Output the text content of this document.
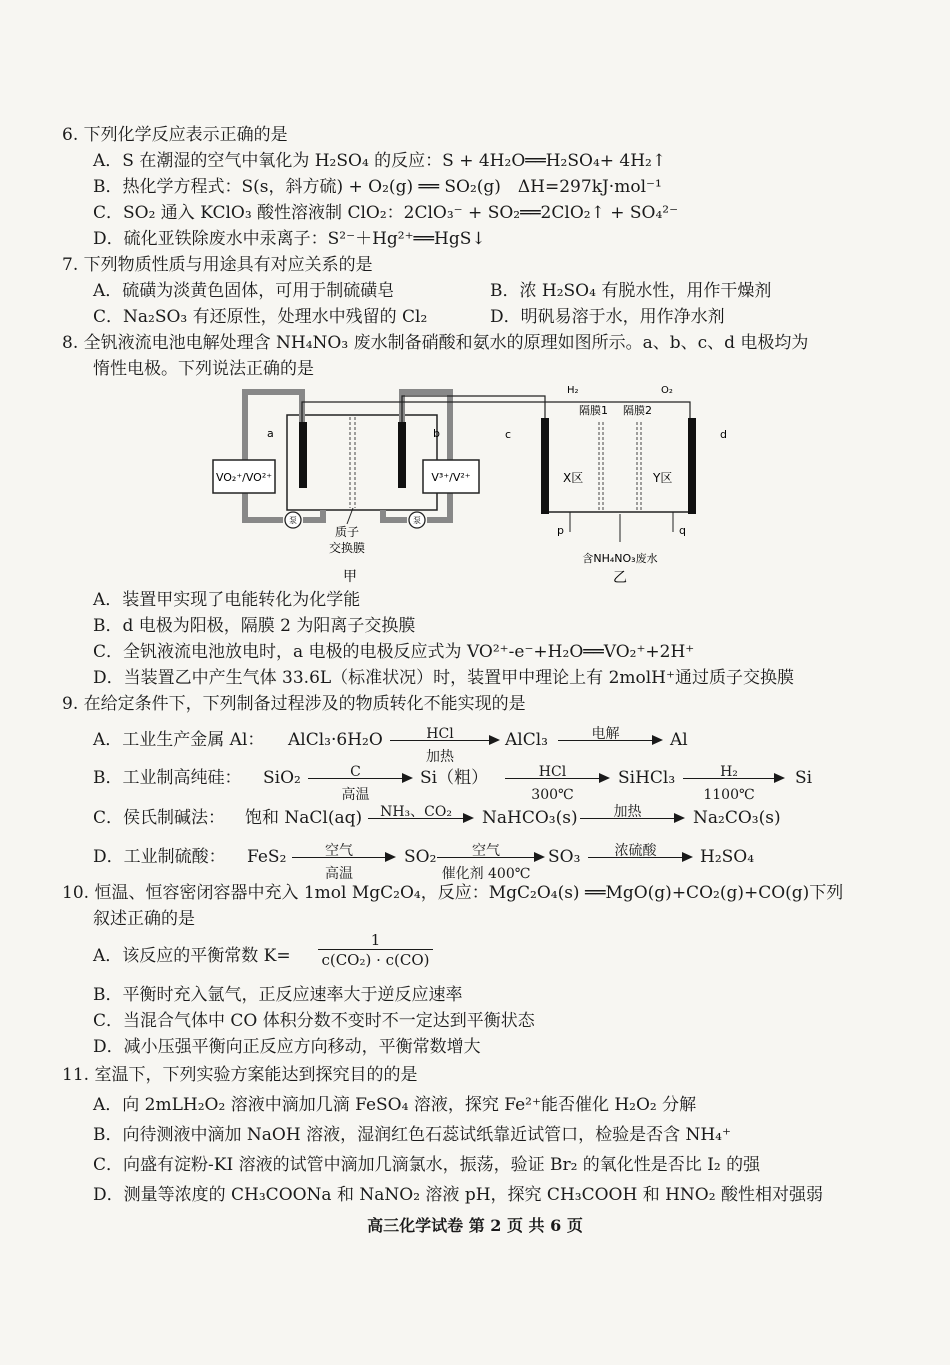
6. 下列化学反应表示正确的是
A．S 在潮湿的空气中氧化为 H₂SO₄ 的反应：S + 4H₂O══H₂SO₄+ 4H₂↑
B．热化学方程式：S(s，斜方硫) + O₂(g) ══ SO₂(g)　ΔH=297kJ·mol⁻¹
C．SO₂ 通入 KClO₃ 酸性溶液制 ClO₂：2ClO₃⁻ + SO₂══2ClO₂↑ + SO₄²⁻
D．硫化亚铁除废水中汞离子：S²⁻＋Hg²⁺══HgS↓
7. 下列物质性质与用途具有对应关系的是
A．硫磺为淡黄色固体，可用于制硫磺皂	B．浓 H₂SO₄ 有脱水性，用作干燥剂
C．Na₂SO₃ 有还原性，处理水中残留的 Cl₂	D．明矾易溶于水，用作净水剂
8. 全钒液流电池电解处理含 NH₄NO₃ 废水制备硝酸和氨水的原理如图所示。a、b、c、d 电极均为
惰性电极。下列说法正确的是
a	b
VO₂⁺/VO²⁺	V³⁺/V²⁺
泵	泵
质子
交换膜
甲
c	d
H₂	O₂
隔膜1 隔膜2
X区	Y区
p	q
含NH₄NO₃废水
乙
A．装置甲实现了电能转化为化学能
B．d 电极为阳极，隔膜 2 为阳离子交换膜
C．全钒液流电池放电时，a 电极的电极反应式为 VO²⁺-e⁻+H₂O══VO₂⁺+2H⁺
D．当装置乙中产生气体 33.6L（标准状况）时，装置甲中理论上有 2molH⁺通过质子交换膜
9. 在给定条件下，下列制备过程涉及的物质转化不能实现的是
A．工业生产金属 Al： AlCl₃·6H₂O	HCl
加热
AlCl₃	电解	Al
B．工业制高纯硅： SiO₂	C
高温
Si（粗）	HCl
300℃
SiHCl₃	H₂
1100℃
Si
C．侯氏制碱法： 饱和 NaCl(aq)	NH₃、CO₂	NaHCO₃(s)	加热	Na₂CO₃(s)
D．工业制硫酸： FeS₂	空气
高温
SO₂	空气
催化剂 400℃
SO₃	浓硫酸	H₂SO₄
10. 恒温、恒容密闭容器中充入 1mol MgC₂O₄，反应：MgC₂O₄(s) ══MgO(g)+CO₂(g)+CO(g)下列
叙述正确的是
A．该反应的平衡常数 K=
1
c(CO₂) · c(CO)
B．平衡时充入氩气，正反应速率大于逆反应速率
C．当混合气体中 CO 体积分数不变时不一定达到平衡状态
D．减小压强平衡向正反应方向移动，平衡常数增大
11. 室温下，下列实验方案能达到探究目的的是
A．向 2mLH₂O₂ 溶液中滴加几滴 FeSO₄ 溶液，探究 Fe²⁺能否催化 H₂O₂ 分解
B．向待测液中滴加 NaOH 溶液，湿润红色石蕊试纸靠近试管口，检验是否含 NH₄⁺
C．向盛有淀粉-KI 溶液的试管中滴加几滴氯水，振荡，验证 Br₂ 的氧化性是否比 I₂ 的强
D．测量等浓度的 CH₃COONa 和 NaNO₂ 溶液 pH，探究 CH₃COOH 和 HNO₂ 酸性相对强弱
高三化学试卷 第 2 页 共 6 页
